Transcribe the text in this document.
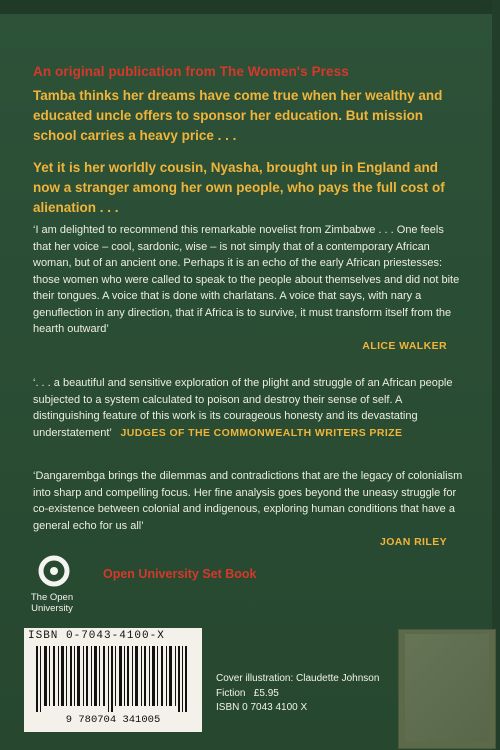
An original publication from The Women's Press
Tamba thinks her dreams have come true when her wealthy and educated uncle offers to sponsor her education. But mission school carries a heavy price . . .
Yet it is her worldly cousin, Nyasha, brought up in England and now a stranger among her own people, who pays the full cost of alienation . . .
‘I am delighted to recommend this remarkable novelist from Zimbabwe . . . One feels that her voice – cool, sardonic, wise – is not simply that of a contemporary African woman, but of an ancient one. Perhaps it is an echo of the early African priestesses: those women who were called to speak to the people about themselves and did not bite their tongues. A voice that is done with charlatans. A voice that says, with nary a genuflection in any direction, that if Africa is to survive, it must transform itself from the hearth outward’
ALICE WALKER
‘. . . a beautiful and sensitive exploration of the plight and struggle of an African people subjected to a system calculated to poison and destroy their sense of self. A distinguishing feature of this work is its courageous honesty and its devastating understatement’ JUDGES OF THE COMMONWEALTH WRITERS PRIZE
‘Dangarembga brings the dilemmas and contradictions that are the legacy of colonialism into sharp and compelling focus. Her fine analysis goes beyond the uneasy struggle for co-existence between colonial and indigenous, exploring human conditions that have a general echo for us all’
JOAN RILEY
The Open
University
Open University Set Book
ISBN 0-7043-4100-X
9 780704 341005
Cover illustration: Claudette Johnson
Fiction   £5.95
ISBN 0 7043 4100 X
